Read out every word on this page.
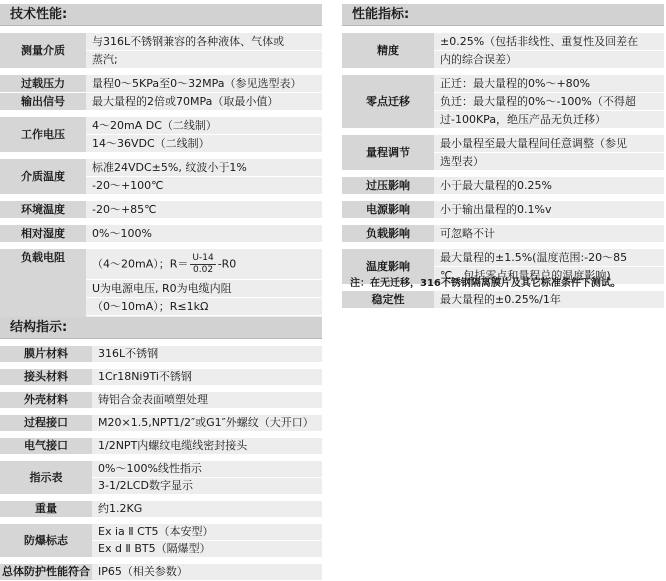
技术性能:
测量介质	与316L不锈钢兼容的各种液体、气体或
	蒸汽;

过载压力	量程0～5KPa至0～32MPa（参见选型表）
输出信号	最大量程的2倍或70MPa（取最小值）

工作电压	4～20mA DC（二线制）
	14～36VDC（二线制）

介质温度	标准24VDC±5%, 纹波小于1%
	-20～+100℃

环境温度	-20～+85℃

相对湿度	0%～100%

负载电阻	（4～20mA）；$R= \frac{U-14}{0.02} -R0$
	U为电源电压, R0为电缆内阻
	（0～10mA）；R≤1kΩ

性能指标:
精度	±0.25%（包括非线性、重复性及回差在
	内的综合误差）

零点迁移	正迁：最大量程的0%～+80%
	负迁：最大量程的0%～-100%（不得超
	过-100KPa，绝压产品无负迁移）

量程调节	最小量程至最大量程间任意调整（参见
	选型表）

过压影响	小于最大量程的0.25%

电源影响	小于输出量程的0.1%v

负载影响	可忽略不计

温度影响	最大量程的±1.5%(温度范围:-20～85
	℃，包括零点和量程总的温度影响)

稳定性	最大量程的±0.25%/1年
注：在无迁移，316不锈钢隔离膜片及其它标准条件下测试。
结构指示:
膜片材料	316L不锈钢

接头材料	1Cr18Ni9Ti不锈钢

外壳材料	铸铝合金表面喷塑处理

过程接口	M20×1.5,NPT1/2″或G1″外螺纹（大开口）

电气接口	1/2NPT内螺纹电缆线密封接头

指示表	0%～100%线性指示
	3-1/2LCD数字显示

重量	约1.2KG

防爆标志	Ex ia Ⅱ CT5（本安型）
	Ex d Ⅱ BT5（隔爆型）

总体防护性能符合	IP65（相关参数）
